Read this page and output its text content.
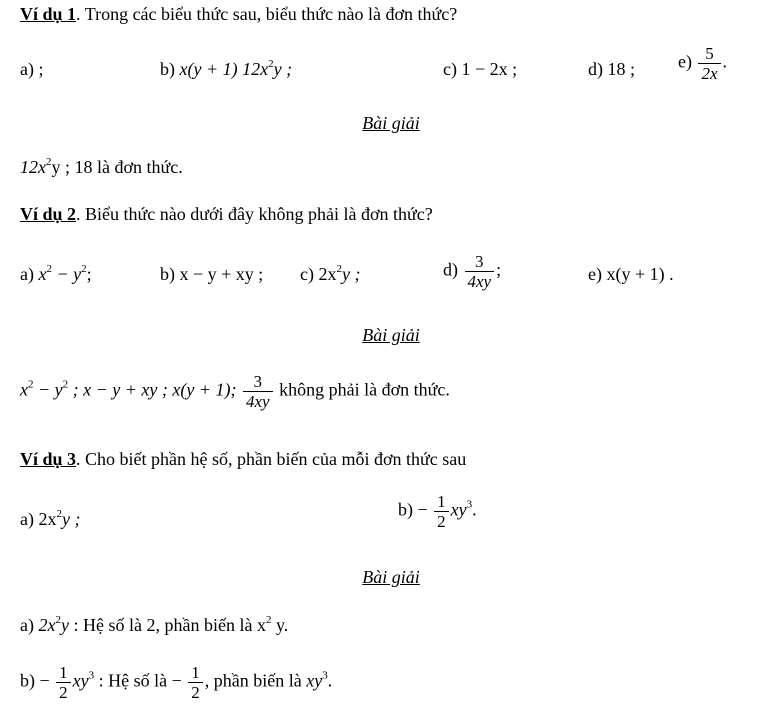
Ví dụ 1. Trong các biểu thức sau, biểu thức nào là đơn thức?
a) ;	b) x(y + 1) $12x^2y$ ;	c) 1 − 2x ;	d) 18 ; $e) \frac{5}{2x}$ .
Bài giải
$12x^2y$ ; 18 là đơn thức.
Ví dụ 2. Biểu thức nào dưới đây không phải là đơn thức?
a) $x^2 - y^2$;	b) x − y + xy ; c) $2x^2y$ ;	$d) \frac{3}{4xy}$ ;	e) x(y + 1) .
Bài giải
$x^2 - y^2$ ; x − y + xy ; x(y + 1); $\frac{3}{4xy}$ không phải là đơn thức.
Ví dụ 3. Cho biết phần hệ số, phần biến của mỗi đơn thức sau
a) $2x^2y$ ;	$b) - \frac{1}{2} xy^3$.
Bài giải
a) $2x^2y$ : Hệ số là 2, phần biến là $x^2$ y.
$b) - \frac{1}{2} xy^3$ : Hệ số là − $\frac{1}{2}$ , phần biến là $xy^3$.
